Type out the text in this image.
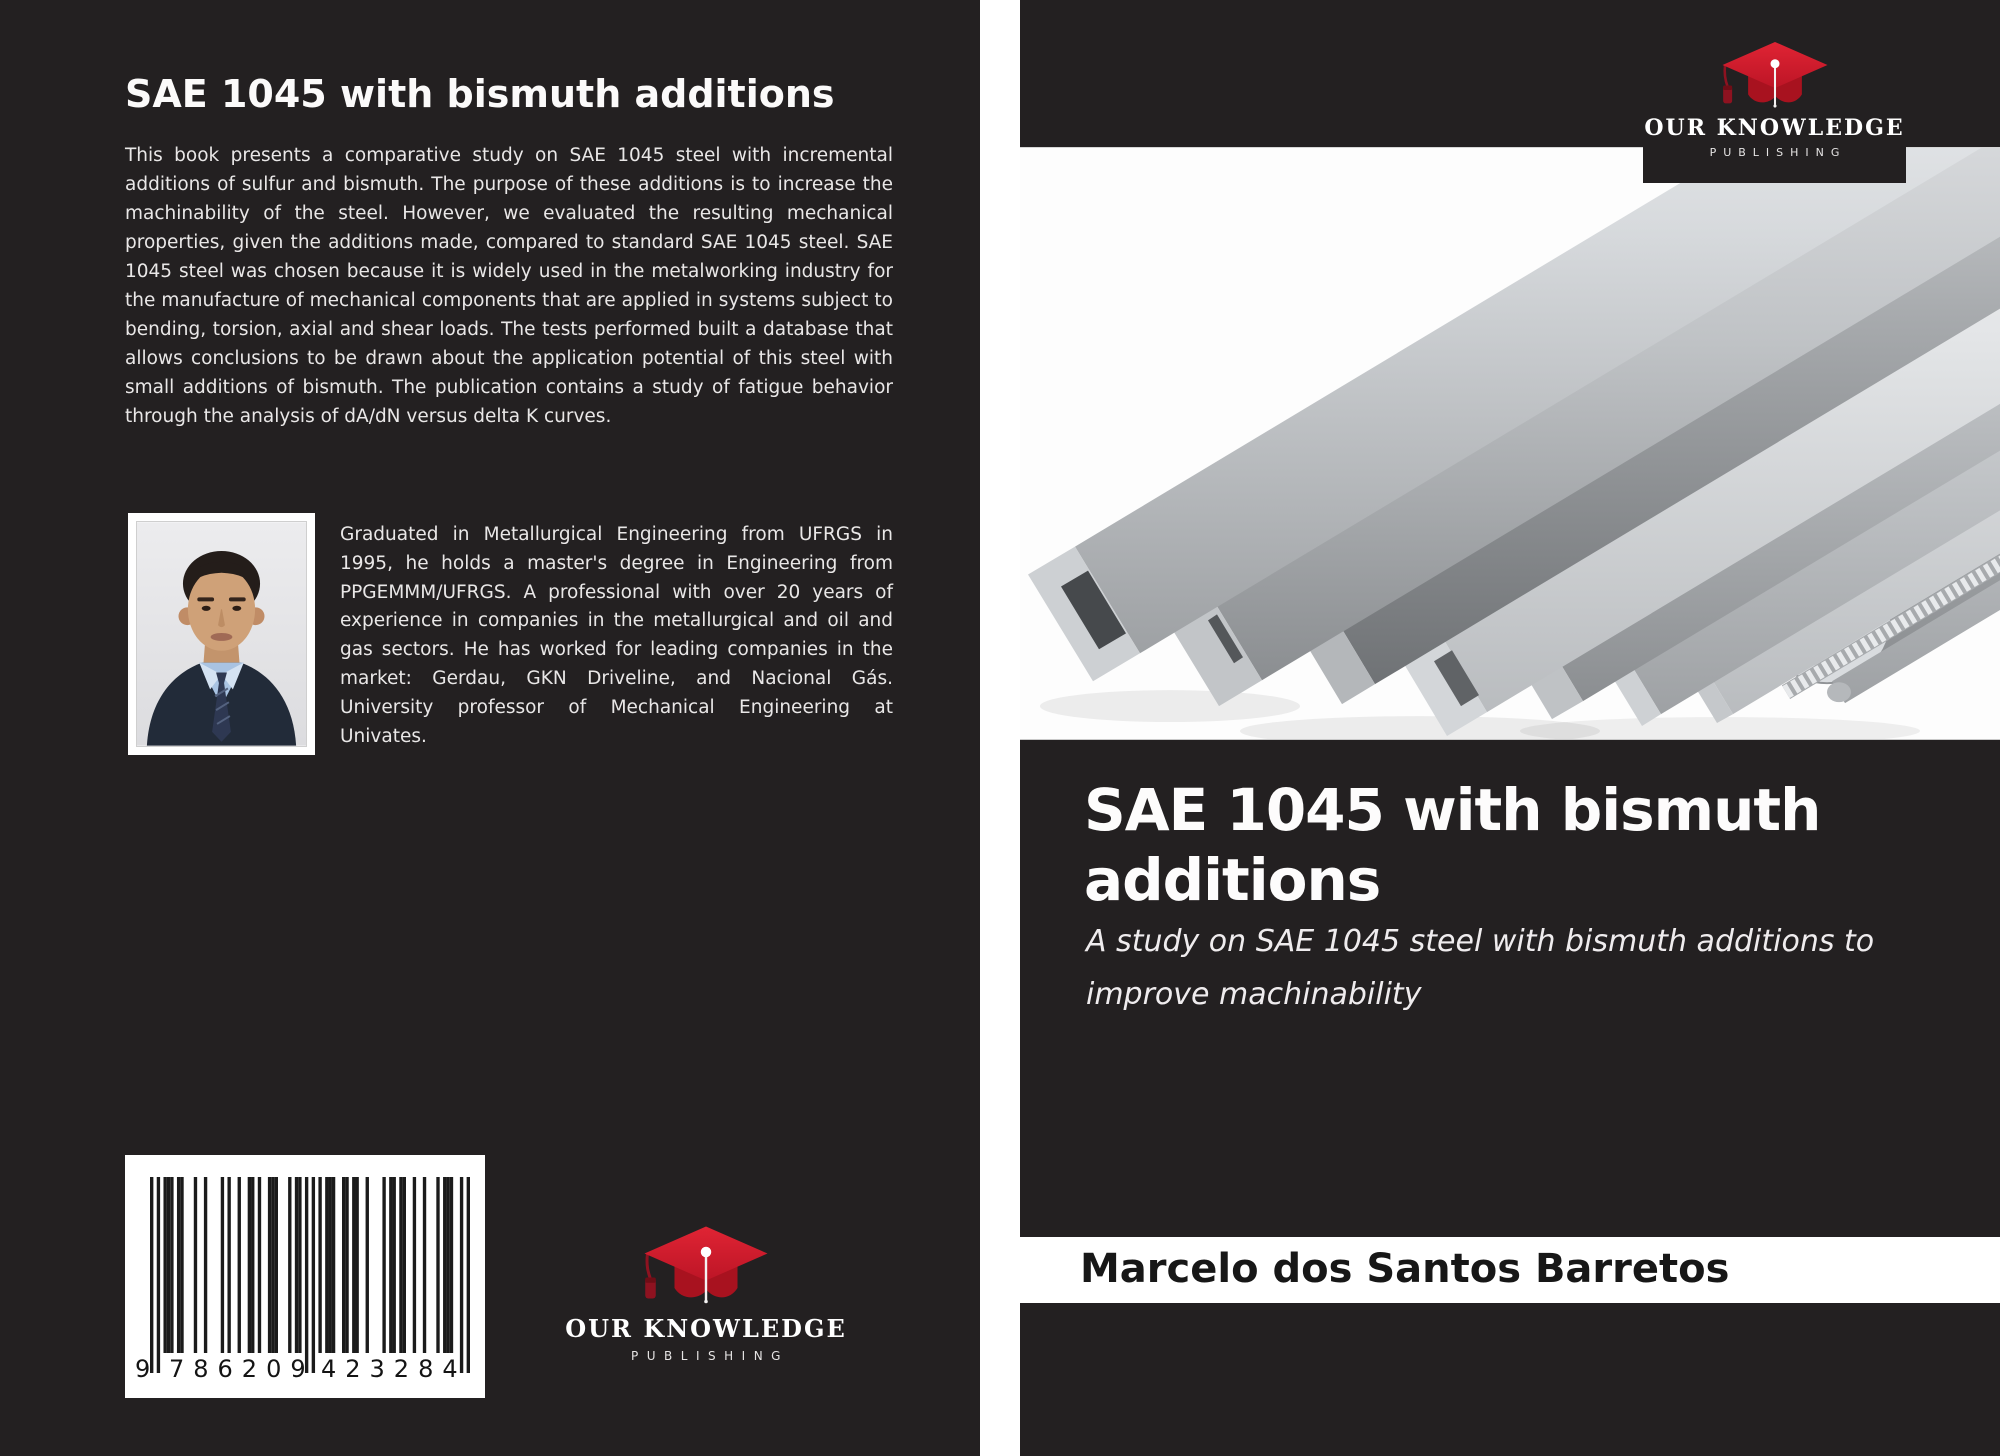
SAE 1045 with bismuth additions
This book presents a comparative study on SAE 1045 steel with incremental additions of sulfur and bismuth. The purpose of these additions is to increase the machinability of the steel. However, we evaluated the resulting mechanical properties, given the additions made, compared to standard SAE 1045 steel. SAE 1045 steel was chosen because it is widely used in the metalworking industry for the manufacture of mechanical components that are applied in systems subject to bending, torsion, axial and shear loads. The tests performed built a database that allows conclusions to be drawn about the application potential of this steel with small additions of bismuth. The publication contains a study of fatigue behavior through the analysis of dA/dN versus delta K curves.
Graduated in Metallurgical Engineering from UFRGS in 1995, he holds a master's degree in Engineering from PPGEMMM/UFRGS. A professional with over 20 years of experience in companies in the metallurgical and oil and gas sectors. He has worked for leading companies in the market: Gerdau, GKN Driveline, and Nacional Gás. University professor of Mechanical Engineering at Univates.
9 786209 423284
OUR KNOWLEDGE
PUBLISHING
OUR KNOWLEDGE
PUBLISHING
SAE 1045 with bismuth
additions
A study on SAE 1045 steel with bismuth additions to
improve machinability
Marcelo dos Santos Barretos
